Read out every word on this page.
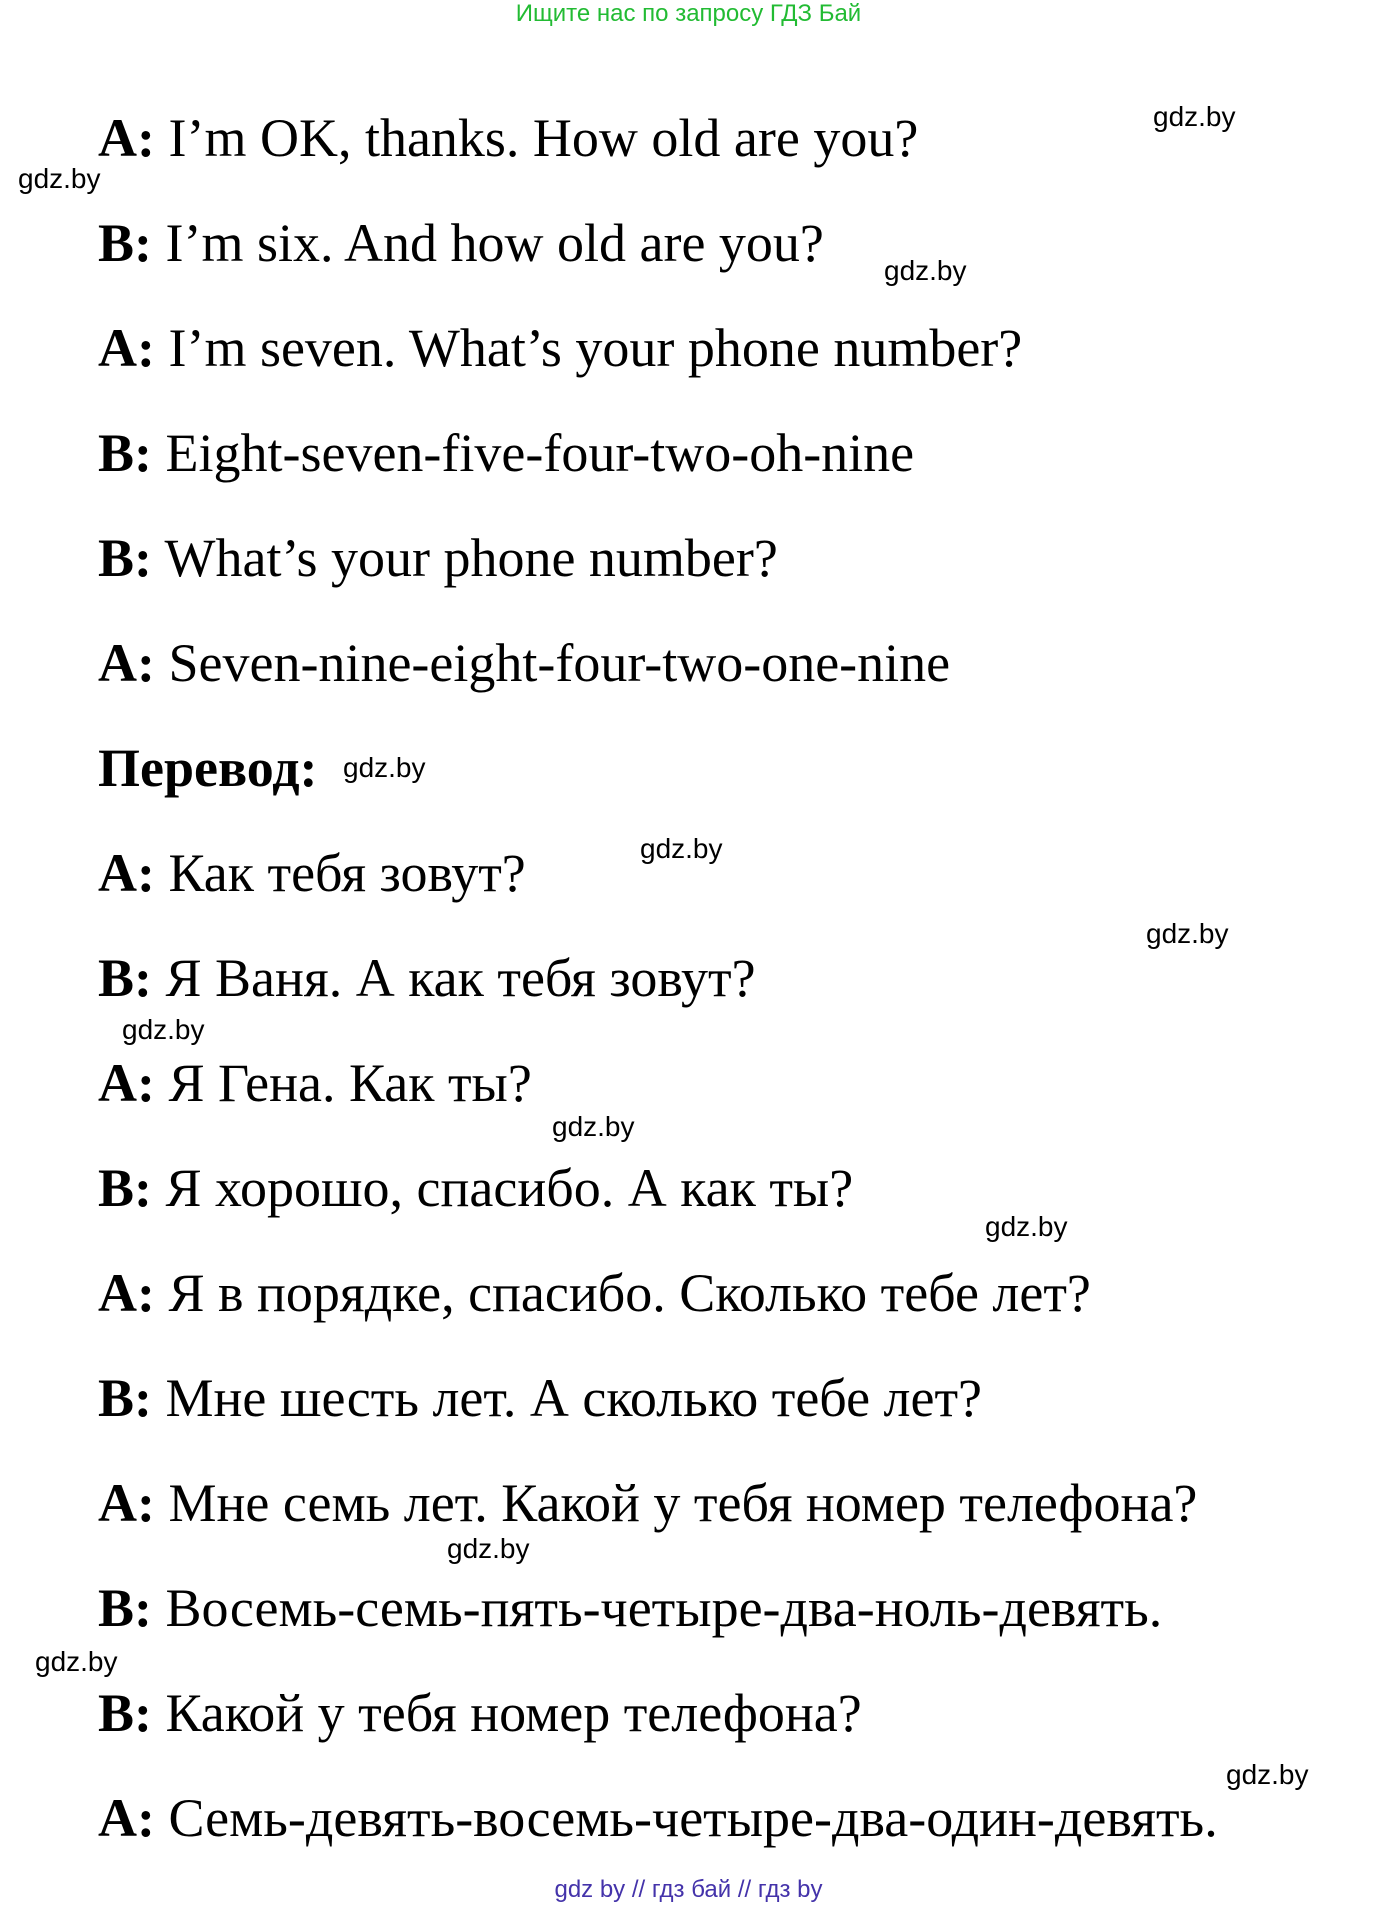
Ищите нас по запросу ГДЗ Бай
A: I’m OK, thanks. How old are you?
B: I’m six. And how old are you?
A: I’m seven. What’s your phone number?
B: Eight-seven-five-four-two-oh-nine
B: What’s your phone number?
A: Seven-nine-eight-four-two-one-nine
Перевод:
A: Как тебя зовут?
B: Я Ваня. А как тебя зовут?
A: Я Гена. Как ты?
B: Я хорошо, спасибо. А как ты?
A: Я в порядке, спасибо. Сколько тебе лет?
B: Мне шесть лет. А сколько тебе лет?
A: Мне семь лет. Какой у тебя номер телефона?
B: Восемь-семь-пять-четыре-два-ноль-девять.
B: Какой у тебя номер телефона?
A: Семь-девять-восемь-четыре-два-один-девять.
gdz.by
gdz.by
gdz.by
gdz.by
gdz.by
gdz.by
gdz.by
gdz.by
gdz.by
gdz.by
gdz.by
gdz.by
gdz by // гдз бай // гдз by
